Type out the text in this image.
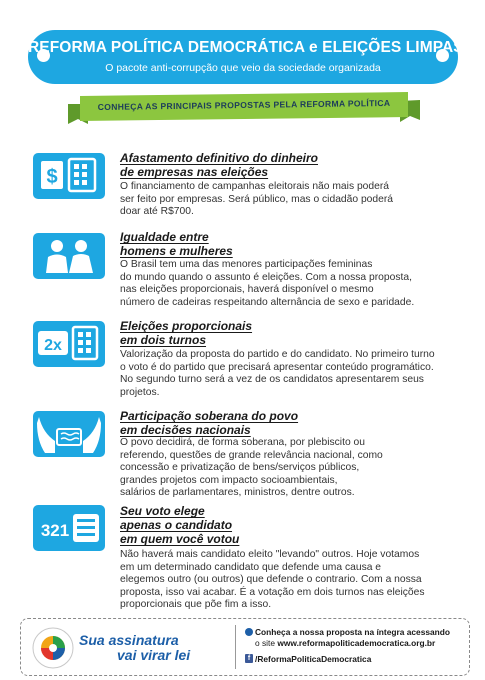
REFORMA POLÍTICA DEMOCRÁTICA e ELEIÇÕES LIMPAS
O pacote anti-corrupção que veio da sociedade organizada
CONHEÇA AS PRINCIPAIS PROPOSTAS PELA REFORMA POLÍTICA
$
Afastamento definitivo do dinheiro
de empresas nas eleições
O financiamento de campanhas eleitorais não mais poderá
ser feito por empresas. Será público, mas o cidadão poderá
doar até R$700.
Igualdade entre
homens e mulheres
O Brasil tem uma das menores participações femininas
do mundo quando o assunto é eleições. Com a nossa proposta,
nas eleições proporcionais, haverá disponível o mesmo
número de cadeiras respeitando alternância de sexo e paridade.
2x
Eleições proporcionais
em dois turnos
Valorização da proposta do partido e do candidato. No primeiro turno
o voto é do partido que precisará apresentar conteúdo programático.
No segundo turno será a vez de os candidatos apresentarem seus
projetos.
Participação soberana do povo
em decisões nacionais
O povo decidirá, de forma soberana, por plebiscito ou
referendo, questões de grande relevância nacional, como
concessão e privatização de bens/serviços públicos,
grandes projetos com impacto socioambientais,
salários de parlamentares, ministros, dentre outros.
321
Seu voto elege
apenas o candidato
em quem você votou
Não haverá mais candidato eleito "levando" outros. Hoje votamos
em um determinado candidato que defende uma causa e
elegemos outro (ou outros) que defende o contrario. Com a nossa
proposta, isso vai acabar. É a votação em dois turnos nas eleições
proporcionais que põe fim a isso.
Sua assinatura
vai virar lei
Conheça a nossa proposta na íntegra acessando
o site www.reformapoliticademocratica.org.br
f /ReformaPoliticaDemocratica
